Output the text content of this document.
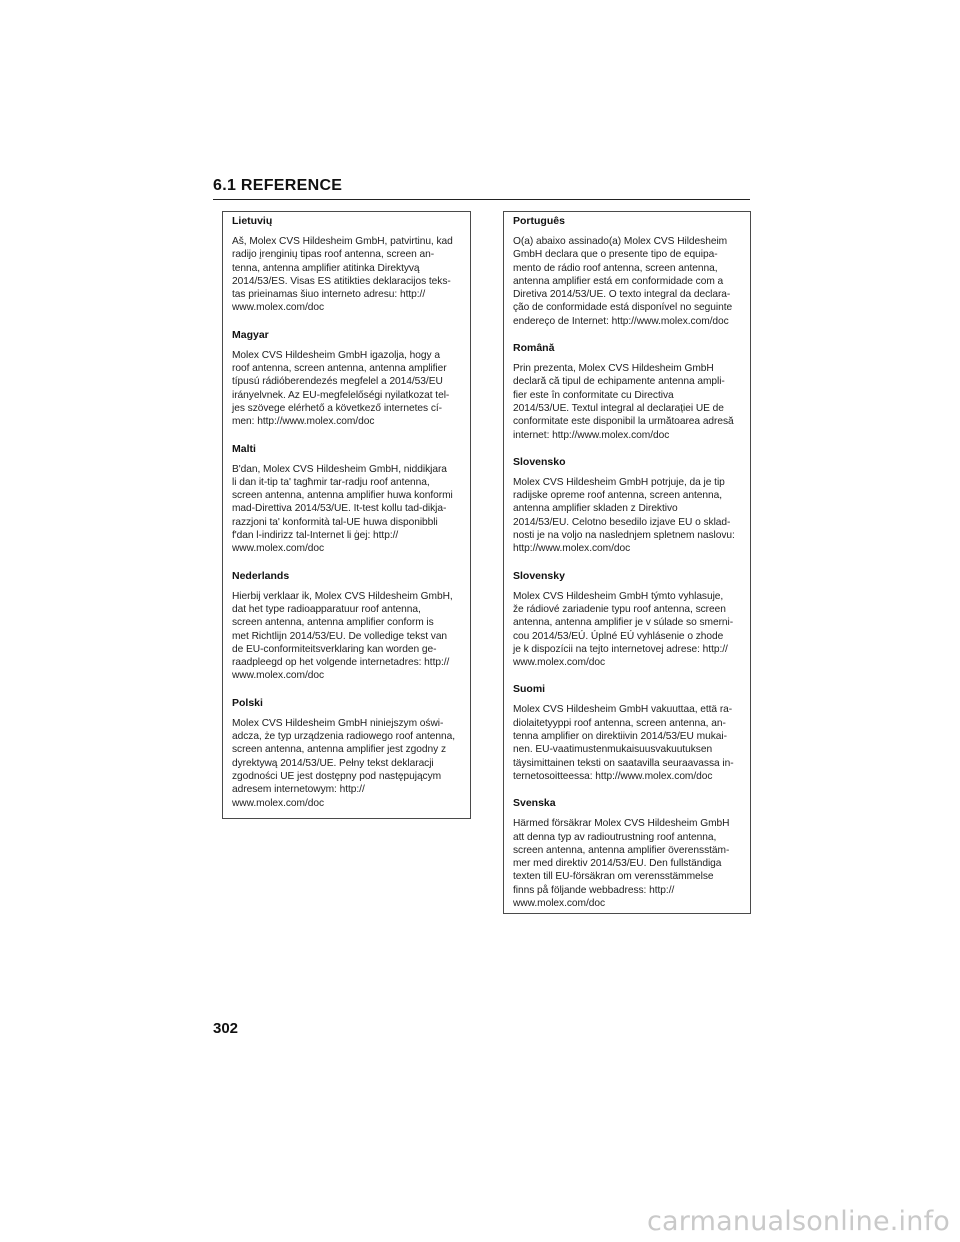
6.1 REFERENCE
Lietuvių
Aš, Molex CVS Hildesheim GmbH, patvirtinu, kad
radijo įrenginių tipas roof antenna, screen an-
tenna, antenna amplifier atitinka Direktyvą
2014/53/ES. Visas ES atitikties deklaracijos teks-
tas prieinamas šiuo interneto adresu: http://
www.molex.com/doc
Magyar
Molex CVS Hildesheim GmbH igazolja, hogy a
roof antenna, screen antenna, antenna amplifier
típusú rádióberendezés megfelel a 2014/53/EU
irányelvnek. Az EU-megfelelőségi nyilatkozat tel-
jes szövege elérhető a következő internetes cí-
men: http://www.molex.com/doc
Malti
B'dan, Molex CVS Hildesheim GmbH, niddikjara
li dan it-tip ta' tagħmir tar-radju roof antenna,
screen antenna, antenna amplifier huwa konformi
mad-Direttiva 2014/53/UE. It-test kollu tad-dikja-
razzjoni ta' konformità tal-UE huwa disponibbli
f'dan l-indirizz tal-Internet li ġej: http://
www.molex.com/doc
Nederlands
Hierbij verklaar ik, Molex CVS Hildesheim GmbH,
dat het type radioapparatuur roof antenna,
screen antenna, antenna amplifier conform is
met Richtlijn 2014/53/EU. De volledige tekst van
de EU-conformiteitsverklaring kan worden ge-
raadpleegd op het volgende internetadres: http://
www.molex.com/doc
Polski
Molex CVS Hildesheim GmbH niniejszym oświ-
adcza, że typ urządzenia radiowego roof antenna,
screen antenna, antenna amplifier jest zgodny z
dyrektywą 2014/53/UE. Pełny tekst deklaracji
zgodności UE jest dostępny pod następującym
adresem internetowym: http://
www.molex.com/doc
Português
O(a) abaixo assinado(a) Molex CVS Hildesheim
GmbH declara que o presente tipo de equipa-
mento de rádio roof antenna, screen antenna,
antenna amplifier está em conformidade com a
Diretiva 2014/53/UE. O texto integral da declara-
ção de conformidade está disponível no seguinte
endereço de Internet: http://www.molex.com/doc
Română
Prin prezenta, Molex CVS Hildesheim GmbH
declară că tipul de echipamente antenna ampli-
fier este în conformitate cu Directiva
2014/53/UE. Textul integral al declarației UE de
conformitate este disponibil la următoarea adresă
internet: http://www.molex.com/doc
Slovensko
Molex CVS Hildesheim GmbH potrjuje, da je tip
radijske opreme roof antenna, screen antenna,
antenna amplifier skladen z Direktivo
2014/53/EU. Celotno besedilo izjave EU o sklad-
nosti je na voljo na naslednjem spletnem naslovu:
http://www.molex.com/doc
Slovensky
Molex CVS Hildesheim GmbH týmto vyhlasuje,
že rádiové zariadenie typu roof antenna, screen
antenna, antenna amplifier je v súlade so smerni-
cou 2014/53/EÚ. Úplné EÚ vyhlásenie o zhode
je k dispozícii na tejto internetovej adrese: http://
www.molex.com/doc
Suomi
Molex CVS Hildesheim GmbH vakuuttaa, että ra-
diolaitetyyppi roof antenna, screen antenna, an-
tenna amplifier on direktiivin 2014/53/EU mukai-
nen. EU-vaatimustenmukaisuusvakuutuksen
täysimittainen teksti on saatavilla seuraavassa in-
ternetosoitteessa: http://www.molex.com/doc
Svenska
Härmed försäkrar Molex CVS Hildesheim GmbH
att denna typ av radioutrustning roof antenna,
screen antenna, antenna amplifier överensstäm-
mer med direktiv 2014/53/EU. Den fullständiga
texten till EU-försäkran om verensstämmelse
finns på följande webbadress: http://
www.molex.com/doc
302
carmanualsonline.info
